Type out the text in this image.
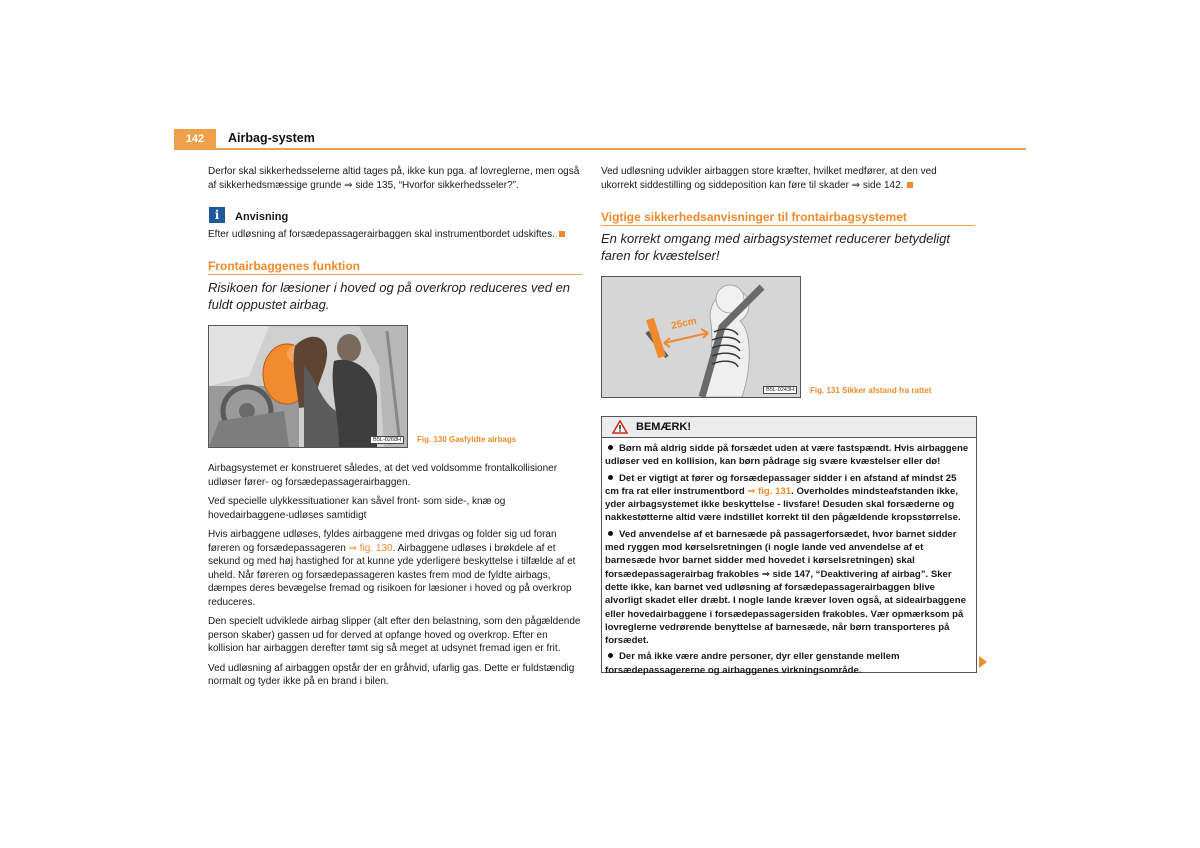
142	Airbag-system

Derfor skal sikkerhedsselerne altid tages på, ikke kun pga. af lovreglerne, men også af sikkerhedsmæssige grunde ⇒ side 135, “Hvorfor sikkerhedsseler?”.

i	Anvisning

Efter udløsning af forsædepassagerairbaggen skal instrumentbordet udskiftes.

Frontairbaggenes funktion
Risikoen for læsioner i hoved og på overkrop reduceres ved en fuldt oppustet airbag.
B5L-0268H	Fig. 130 Gasfyldte airbags

Airbagsystemet er konstrueret således, at det ved voldsomme frontalkollisioner udløser fører- og forsædepassagerairbaggen.

Ved specielle ulykkessituationer kan såvel front- som side-, knæ og hovedairbaggene-udløses samtidigt

Hvis airbaggene udløses, fyldes airbaggene med drivgas og folder sig ud foran føreren og forsædepassageren ⇒ fig. 130. Airbaggene udløses i brøkdele af et sekund og med høj hastighed for at kunne yde yderligere beskyttelse i tilfælde af et uheld. Når føreren og forsædepassageren kastes frem mod de fyldte airbags, dæmpes deres bevægelse fremad og risikoen for læsioner i hoved og på overkrop reduceres.

Den specielt udviklede airbag slipper (alt efter den belastning, som den pågældende person skaber) gassen ud for derved at opfange hoved og overkrop. Efter en kollision har airbaggen derefter tømt sig så meget at udsynet fremad igen er frit.

Ved udløsning af airbaggen opstår der en gråhvid, ufarlig gas. Dette er fuldstændig normalt og tyder ikke på en brand i bilen.

Ved udløsning udvikler airbaggen store kræfter, hvilket medfører, at den ved ukorrekt siddestilling og siddeposition kan føre til skader ⇒ side 142.

Vigtige sikkerhedsanvisninger til frontairbagsystemet
En korrekt omgang med airbagsystemet reducerer betydeligt faren for kvæstelser!
25cm
B5L-0243H	Fig. 131 Sikker afstand fra rattet
BEMÆRK!

Børn må aldrig sidde på forsædet uden at være fastspændt. Hvis airbaggene udløser ved en kollision, kan børn pådrage sig svære kvæstelser eller dø!

Det er vigtigt at fører og forsædepassager sidder i en afstand af mindst 25 cm fra rat eller instrumentbord ⇒ fig. 131. Overholdes mindsteafstanden ikke, yder airbagsystemet ikke beskyttelse - livsfare! Desuden skal forsæderne og nakkestøtterne altid være indstillet korrekt til den pågældende kropsstørrelse.

Ved anvendelse af et barnesæde på passagerforsædet, hvor barnet sidder med ryggen mod kørselsretningen (i nogle lande ved anvendelse af et barnesæde hvor barnet sidder med hovedet i kørselsretningen) skal forsædepassagerairbag frakobles ⇒ side 147, “Deaktivering af airbag”. Sker dette ikke, kan barnet ved udløsning af forsædepassagerairbaggen blive alvorligt skadet eller dræbt. I nogle lande kræver loven også, at sideairbaggene eller hovedairbaggene i forsædepassagersiden frakobles. Vær opmærksom på lovreglerne vedrørende benyttelse af barnesæde, når børn transporteres på forsædet.

Der må ikke være andre personer, dyr eller genstande mellem forsædepassagererne og airbaggenes virkningsområde.
